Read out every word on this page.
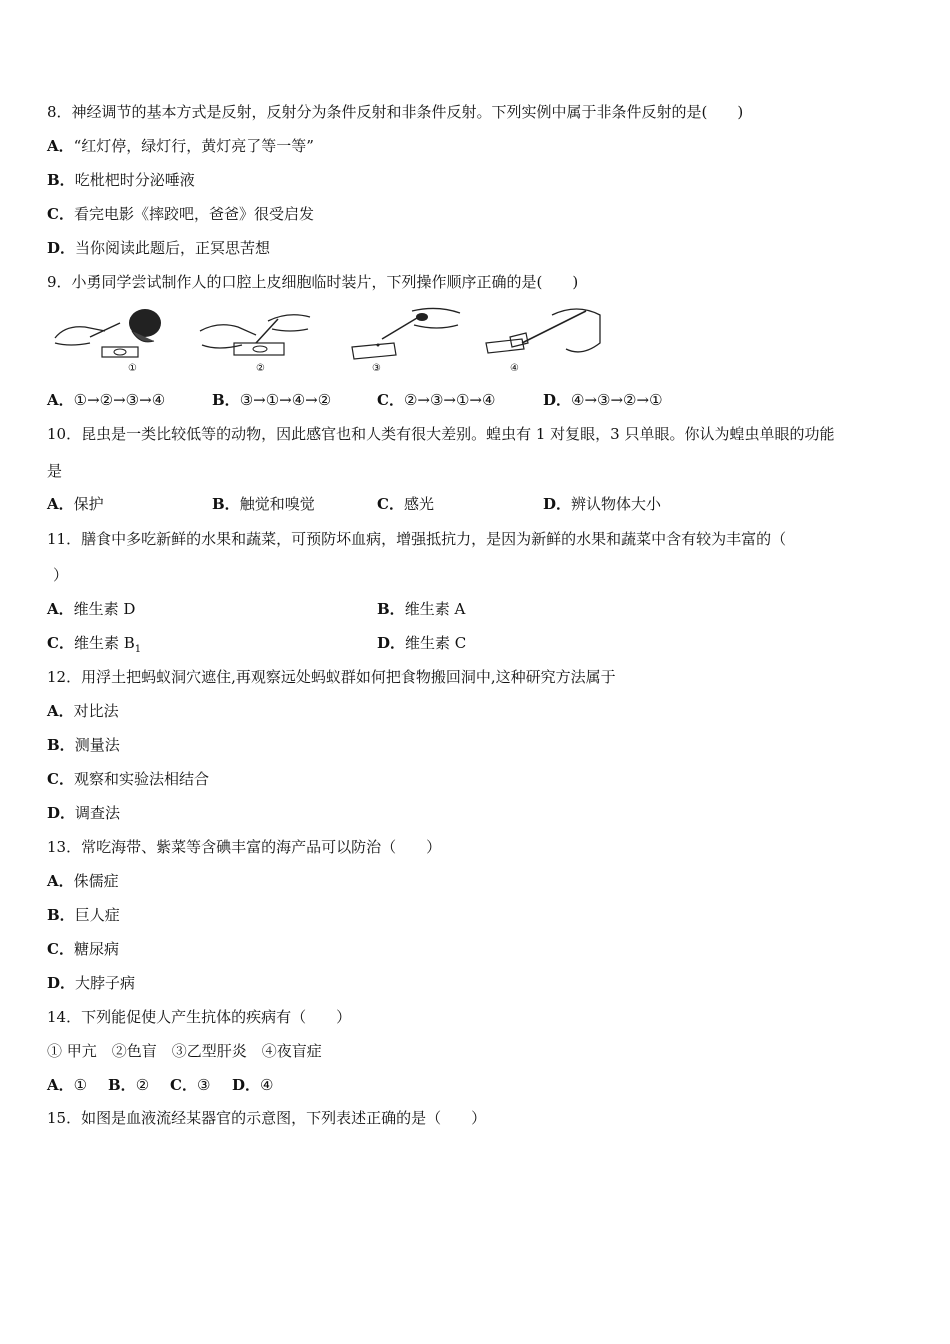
8．神经调节的基本方式是反射，反射分为条件反射和非条件反射。下列实例中属于非条件反射的是(　　)
A．“红灯停，绿灯行，黄灯亮了等一等”
B．吃枇杷时分泌唾液
C．看完电影《摔跤吧，爸爸》很受启发
D．当你阅读此题后，正冥思苦想
9．小勇同学尝试制作人的口腔上皮细胞临时装片，下列操作顺序正确的是(　　)
①	②	③	④
A．①→②→③→④	B．③→①→④→②	C．②→③→①→④	D．④→③→②→①
10．昆虫是一类比较低等的动物，因此感官也和人类有很大差别。蝗虫有 1 对复眼，3 只单眼。你认为蝗虫单眼的功能
是
A．保护	B．触觉和嗅觉	C．感光	D．辨认物体大小
11．膳食中多吃新鲜的水果和蔬菜，可预防坏血病，增强抵抗力，是因为新鲜的水果和蔬菜中含有较为丰富的（
）
A．维生素 D	B．维生素 A
C．维生素 $B_1$	D．维生素 C
12．用浮土把蚂蚁洞穴遮住,再观察远处蚂蚁群如何把食物搬回洞中,这种研究方法属于
A．对比法
B．测量法
C．观察和实验法相结合
D．调查法
13．常吃海带、紫菜等含碘丰富的海产品可以防治（　　）
A．侏儒症
B．巨人症
C．糖尿病
D．大脖子病
14．下列能促使人产生抗体的疾病有（　　）
① 甲亢　②色盲　③乙型肝炎　④夜盲症
A．① B．② C．③ D．④
15．如图是血液流经某器官的示意图，下列表述正确的是（　　）
